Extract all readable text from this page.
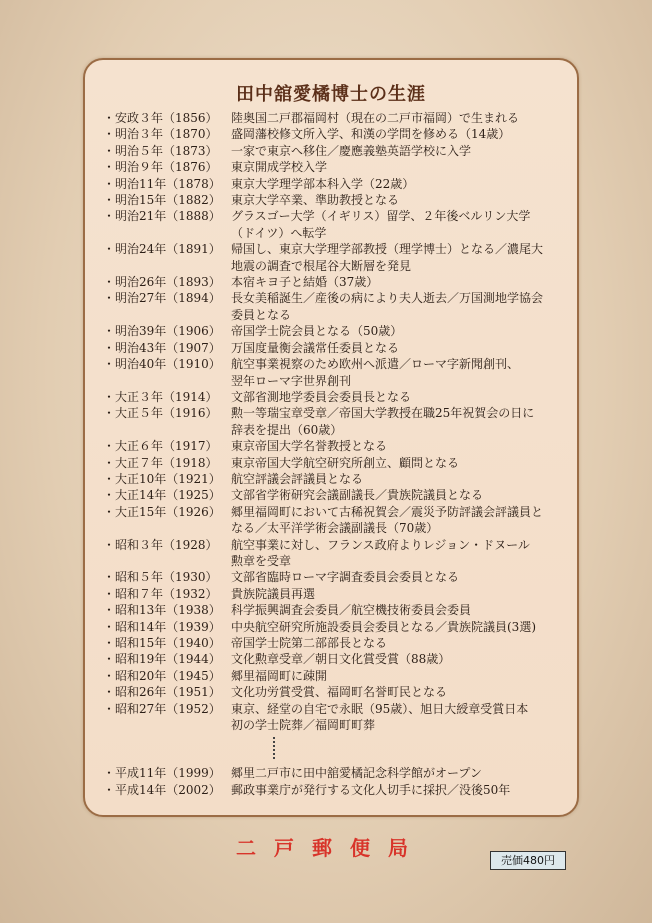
田中舘愛橘博士の生涯
・安政３年（1856）	陸奥国二戸郡福岡村（現在の二戸市福岡）で生まれる
・明治３年（1870）	盛岡藩校修文所入学、和漢の学問を修める（14歳）
・明治５年（1873）	一家で東京へ移住／慶應義塾英語学校に入学
・明治９年（1876）	東京開成学校入学
・明治11年（1878） 東京大学理学部本科入学（22歳）
・明治15年（1882） 東京大学卒業、準助教授となる
・明治21年（1888） グラスゴー大学（イギリス）留学、２年後ベルリン大学
（ドイツ）へ転学
・明治24年（1891） 帰国し、東京大学理学部教授（理学博士）となる／濃尾大
地震の調査で根尾谷大断層を発見
・明治26年（1893） 本宿キヨ子と結婚（37歳）
・明治27年（1894） 長女美稲誕生／産後の病により夫人逝去／万国測地学協会
委員となる
・明治39年（1906） 帝国学士院会員となる（50歳）
・明治43年（1907） 万国度量衡会議常任委員となる
・明治40年（1910） 航空事業視察のため欧州へ派遣／ローマ字新聞創刊、
翌年ローマ字世界創刊
・大正３年（1914）	文部省測地学委員会委員長となる
・大正５年（1916）	勲一等瑞宝章受章／帝国大学教授在職25年祝賀会の日に
辞表を提出（60歳）
・大正６年（1917）	東京帝国大学名誉教授となる
・大正７年（1918）	東京帝国大学航空研究所創立、顧問となる
・大正10年（1921） 航空評議会評議員となる
・大正14年（1925） 文部省学術研究会議副議長／貴族院議員となる
・大正15年（1926） 郷里福岡町において古稀祝賀会／震災予防評議会評議員と
なる／太平洋学術会議副議長（70歳）
・昭和３年（1928）	航空事業に対し、フランス政府よりレジョン・ドヌール
勲章を受章
・昭和５年（1930）	文部省臨時ローマ字調査委員会委員となる
・昭和７年（1932）	貴族院議員再選
・昭和13年（1938） 科学振興調査会委員／航空機技術委員会委員
・昭和14年（1939） 中央航空研究所施設委員会委員となる／貴族院議員(3選)
・昭和15年（1940） 帝国学士院第二部部長となる
・昭和19年（1944） 文化勲章受章／朝日文化賞受賞（88歳）
・昭和20年（1945） 郷里福岡町に疎開
・昭和26年（1951） 文化功労賞受賞、福岡町名誉町民となる
・昭和27年（1952） 東京、経堂の自宅で永眠（95歳）、旭日大綬章受賞日本
初の学士院葬／福岡町町葬
・平成11年（1999） 郷里二戸市に田中舘愛橘記念科学館がオープン
・平成14年（2002） 郵政事業庁が発行する文化人切手に採択／没後50年
二戸郵便局
売価480円
